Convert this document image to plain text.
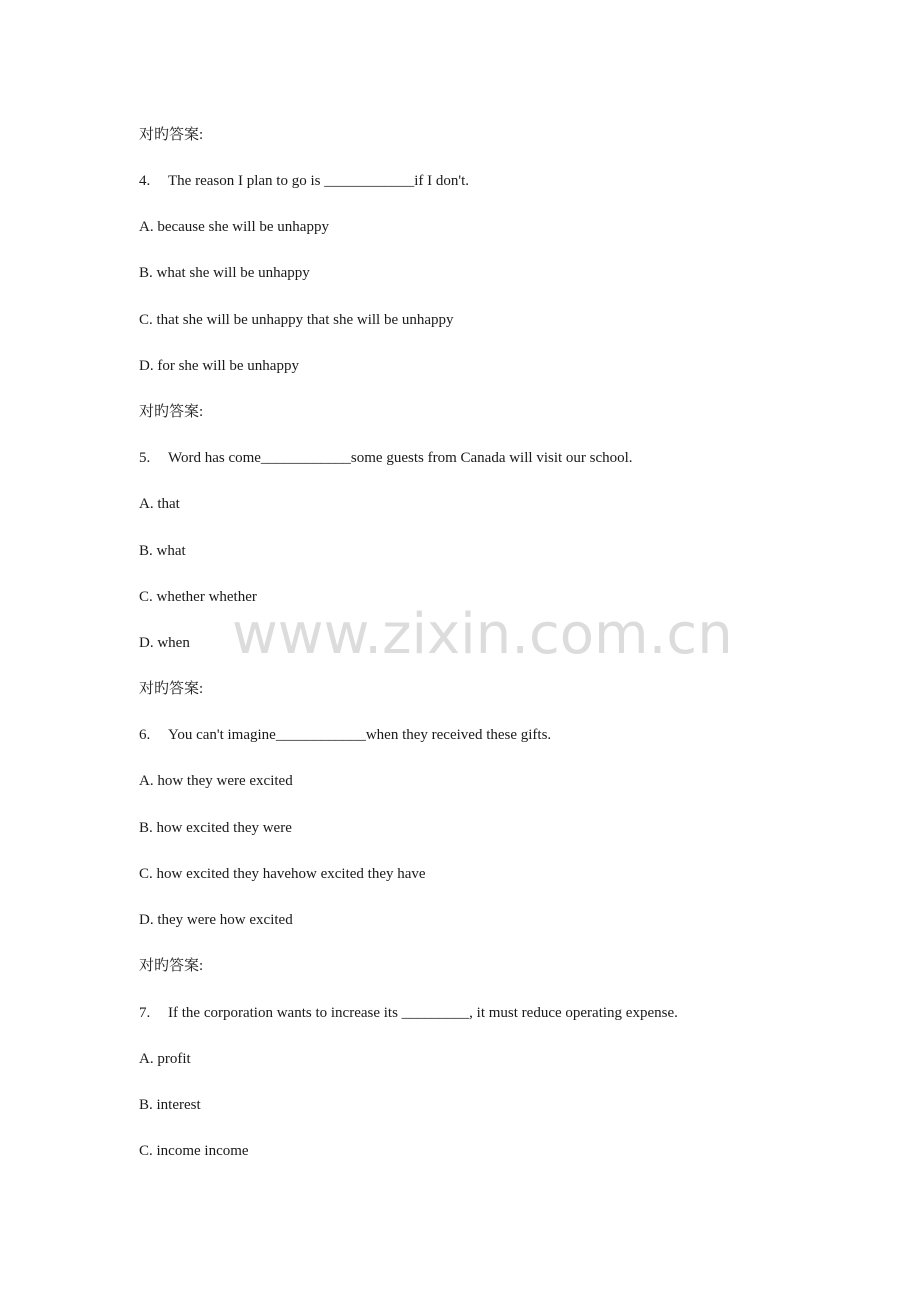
对旳答案:
4. The reason I plan to go is ____________if I don't.
A. because she will be unhappy
B. what she will be unhappy
C. that she will be unhappy that she will be unhappy
D. for she will be unhappy
对旳答案:
5. Word has come____________some guests from Canada will visit our school.
A. that
B. what
C. whether whether
D. when
对旳答案:
6. You can't imagine____________when they received these gifts.
A. how they were excited
B. how excited they were
C. how excited they havehow excited they have
D. they were how excited
对旳答案:
7. If the corporation wants to increase its _________, it must reduce operating expense.
A. profit
B. interest
C. income income
www.zixin.com.cn
